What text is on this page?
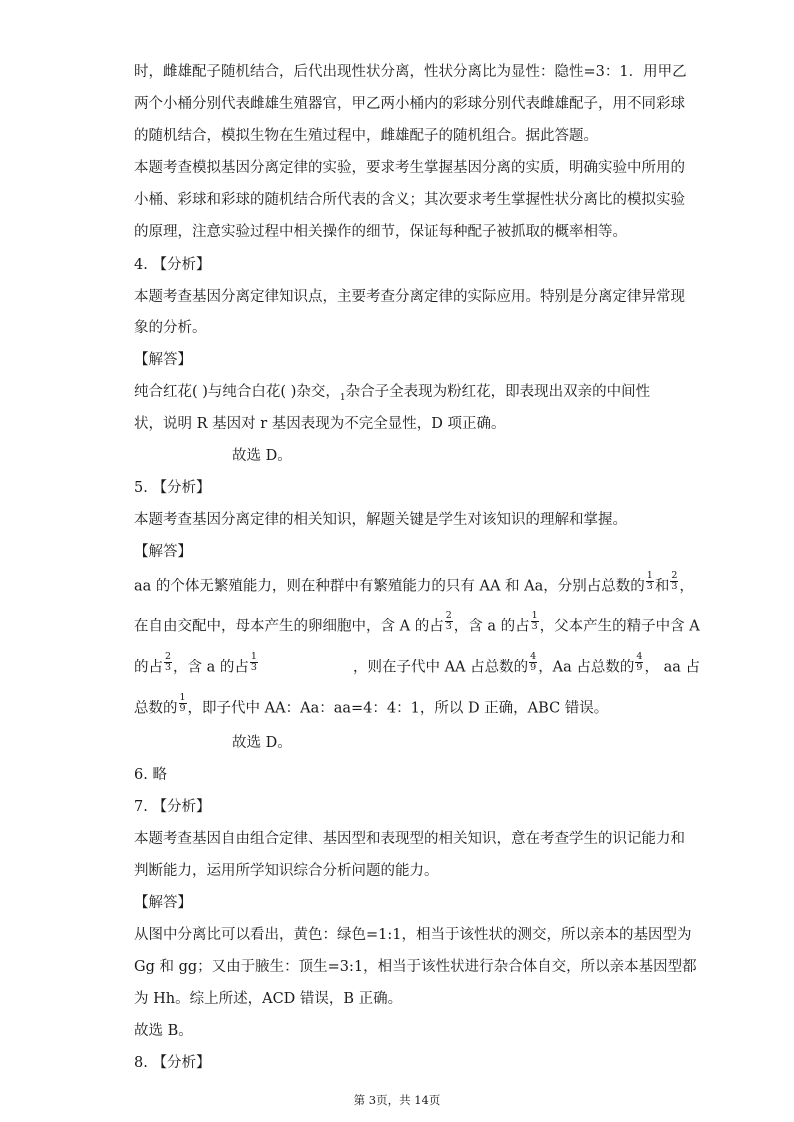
时，雌雄配子随机结合，后代出现性状分离，性状分离比为显性：隐性=3：1．用甲乙
两个小桶分别代表雌雄生殖器官，甲乙两小桶内的彩球分别代表雌雄配子，用不同彩球
的随机结合，模拟生物在生殖过程中，雌雄配子的随机组合。据此答题。
本题考查模拟基因分离定律的实验，要求考生掌握基因分离的实质，明确实验中所用的
小桶、彩球和彩球的随机结合所代表的含义；其次要求考生掌握性状分离比的模拟实验
的原理，注意实验过程中相关操作的细节，保证每种配子被抓取的概率相等。
4. 【分析】
本题考查基因分离定律知识点，主要考查分离定律的实际应用。特别是分离定律异常现
象的分析。
【解答】
纯合红花( )与纯合白花( )杂交，$_1$杂合子全表现为粉红花，即表现出双亲的中间性
状，说明 R 基因对 r 基因表现为不完全显性，D 项正确。
故选 D。
5. 【分析】
本题考查基因分离定律的相关知识，解题关键是学生对该知识的理解和掌握。
【解答】
aa 的个体无繁殖能力，则在种群中有繁殖能力的只有 AA 和 Aa，分别占总数的 $\frac{1}{3}$ 和 $\frac{2}{3}$ ，
在自由交配中，母本产生的卵细胞中，含 A 的占 $\frac{2}{3}$ ，含 a 的占 $\frac{1}{3}$ ，父本产生的精子中含 A
的占 $\frac{2}{3}$ ，含 a 的占 $\frac{1}{3}$	，则在子代中 AA 占总数的 $\frac{4}{9}$ ，Aa 占总数的 $\frac{4}{9}$ ， aa 占
总数的 $\frac{1}{9}$ ，即子代中 AA：Aa：aa=4：4：1，所以 D 正确，ABC 错误。
故选 D。
6. 略
7. 【分析】
本题考查基因自由组合定律、基因型和表现型的相关知识，意在考查学生的识记能力和
判断能力，运用所学知识综合分析问题的能力。
【解答】
从图中分离比可以看出，黄色：绿色=1:1，相当于该性状的测交，所以亲本的基因型为
Gg 和 gg；又由于腋生：顶生=3:1，相当于该性状进行杂合体自交，所以亲本基因型都
为 Hh。综上所述，ACD 错误，B 正确。
故选 B。
8. 【分析】
第 3页，共 14页
